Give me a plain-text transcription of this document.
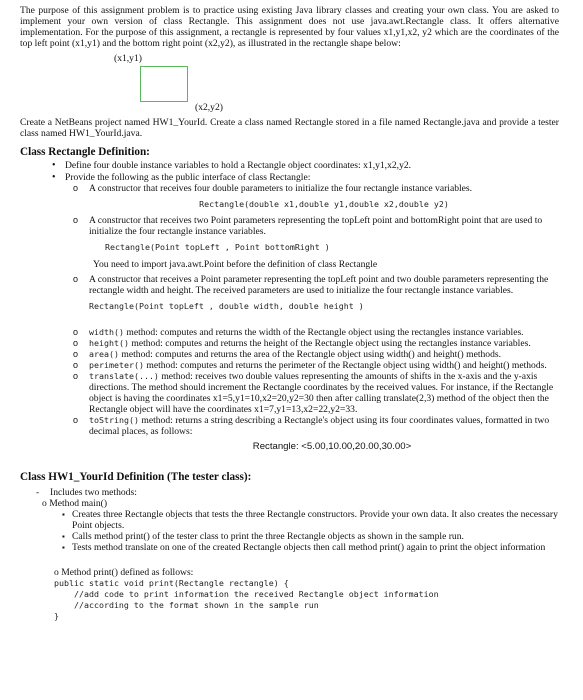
The purpose of this assignment problem is to practice using existing Java library classes and creating your own class. You are asked to implement your own version of class Rectangle. This assignment does not use java.awt.Rectangle class. It offers alternative implementation. For the purpose of this assignment, a rectangle is represented by four values x1,y1,x2, y2 which are the coordinates of the top left point (x1,y1) and the bottom right point (x2,y2), as illustrated in the rectangle shape below:

(x1,y1)
(x2,y2)

Create a NetBeans project named HW1_YourId. Create a class named Rectangle stored in a file named Rectangle.java and provide a tester class named HW1_YourId.java.

Class Rectangle Definition:
• Define four double instance variables to hold a Rectangle object coordinates: x1,y1,x2,y2.
• Provide the following as the public interface of class Rectangle:
o A constructor that receives four double parameters to initialize the four rectangle instance variables.
Rectangle(double x1,double y1,double x2,double y2)
o A constructor that receives two Point parameters representing the topLeft point and bottomRight point that are used to initialize the four rectangle instance variables.
Rectangle(Point topLeft , Point bottomRight )

You need to import java.awt.Point before the definition of class Rectangle

o A constructor that receives a Point parameter representing the topLeft point and two double parameters representing the rectangle width and height. The received parameters are used to initialize the four rectangle instance variables.
Rectangle(Point topLeft , double width, double height )
o width() method: computes and returns the width of the Rectangle object using the rectangles instance variables.
o height() method: computes and returns the height of the Rectangle object using the rectangles instance variables.
o area() method: computes and returns the area of the Rectangle object using width() and height() methods.
o perimeter() method: computes and returns the perimeter of the Rectangle object using width() and height() methods.
o translate(...) method: receives two double values representing the amounts of shifts in the x-axis and the y-axis directions. The method should increment the Rectangle coordinates by the received values. For instance, if the Rectangle object is having the coordinates x1=5,y1=10,x2=20,y2=30 then after calling translate(2,3) method of the object then the Rectangle object will have the coordinates x1=7,y1=13,x2=22,y2=33.
o toString() method: returns a string describing a Rectangle's object using its four coordinates values, formatted in two decimal places, as follows:
Rectangle: <5.00,10.00,20.00,30.00>
Class HW1_YourId Definition (The tester class):
- Includes two methods:
o Method main()
▪ Creates three Rectangle objects that tests the three Rectangle constructors. Provide your own data. It also creates the necessary Point objects.
▪ Calls method print() of the tester class to print the three Rectangle objects as shown in the sample run.
▪ Tests method translate on one of the created Rectangle objects then call method print() again to print the object information
o Method print() defined as follows:
public static void print(Rectangle rectangle) {
//add code to print information the received Rectangle object information
//according to the format shown in the sample run
}
